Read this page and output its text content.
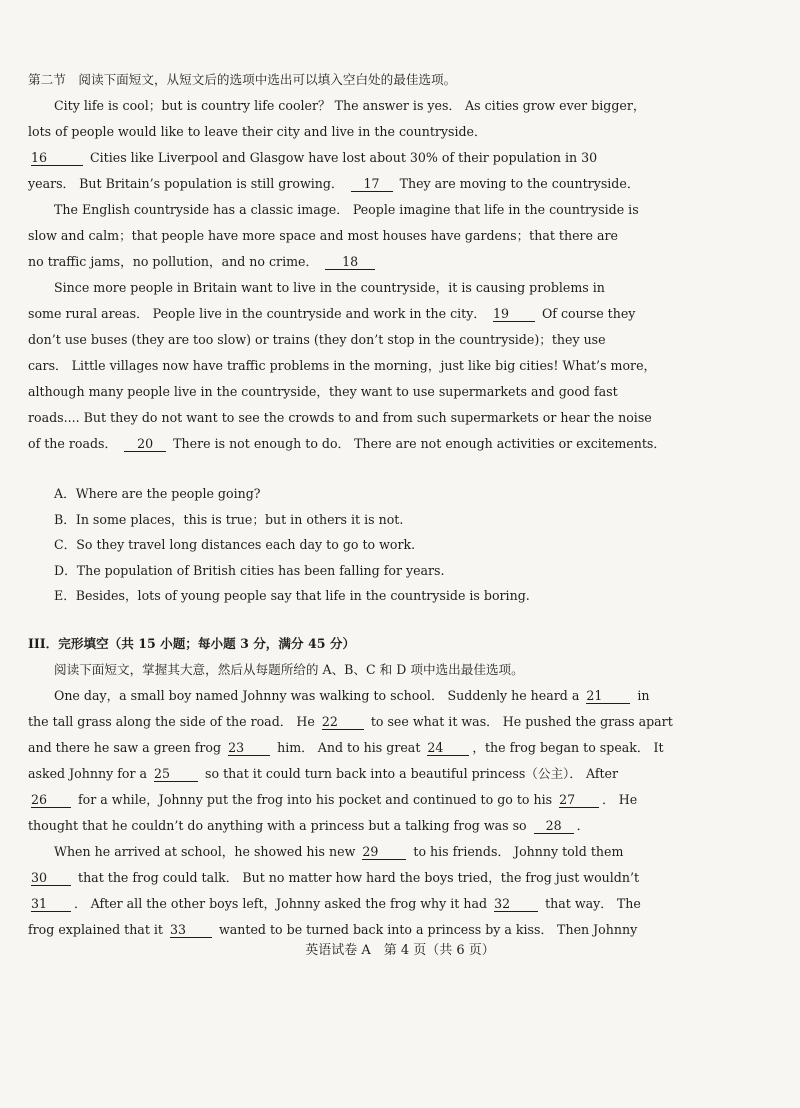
第二节　阅读下面短文，从短文后的选项中选出可以填入空白处的最佳选项。
City life is cool；but is country life cooler？ The answer is yes． As cities grow ever bigger，
lots of people would like to leave their city and live in the countryside．
16	Cities like Liverpool and Glasgow have lost about 30% of their population in 30
years． But Britain’s population is still growing． 17 They are moving to the countryside．
The English countryside has a classic image． People imagine that life in the countryside is
slow and calm；that people have more space and most houses have gardens；that there are
no traffic jams，no pollution，and no crime． 18
Since more people in Britain want to live in the countryside，it is causing problems in
some rural areas． People live in the countryside and work in the city． 19	Of course they
don’t use buses (they are too slow) or trains (they don’t stop in the countryside)；they use
cars． Little villages now have traffic problems in the morning，just like big cities! What’s more，
although many people live in the countryside，they want to use supermarkets and good fast
roads.... But they do not want to see the crowds to and from such supermarkets or hear the noise
of the roads． 20 There is not enough to do． There are not enough activities or excitements．
A．Where are the people going?
B．In some places，this is true；but in others it is not.
C．So they travel long distances each day to go to work.
D．The population of British cities has been falling for years.
E．Besides，lots of young people say that life in the countryside is boring.
III．完形填空（共 15 小题；每小题 3 分，满分 45 分）
阅读下面短文，掌握其大意，然后从每题所给的 A、B、C 和 D 项中选出最佳选项。
One day，a small boy named Johnny was walking to school． Suddenly he heard a 21	in
the tall grass along the side of the road． He 22	to see what it was． He pushed the grass apart
and there he saw a green frog 23	him． And to his great 24 ，the frog began to speak． It
asked Johnny for a 25	so that it could turn back into a beautiful princess（公主）． After
26 for a while，Johnny put the frog into his pocket and continued to go to his 27 ． He
thought that he couldn’t do anything with a princess but a talking frog was so 28 ．
When he arrived at school，he showed his new 29	to his friends． Johnny told them
30 that the frog could talk． But no matter how hard the boys tried，the frog just wouldn’t
31 ． After all the other boys left，Johnny asked the frog why it had 32	that way． The
frog explained that it 33	wanted to be turned back into a princess by a kiss． Then Johnny
英语试卷 A　第 4 页（共 6 页）
